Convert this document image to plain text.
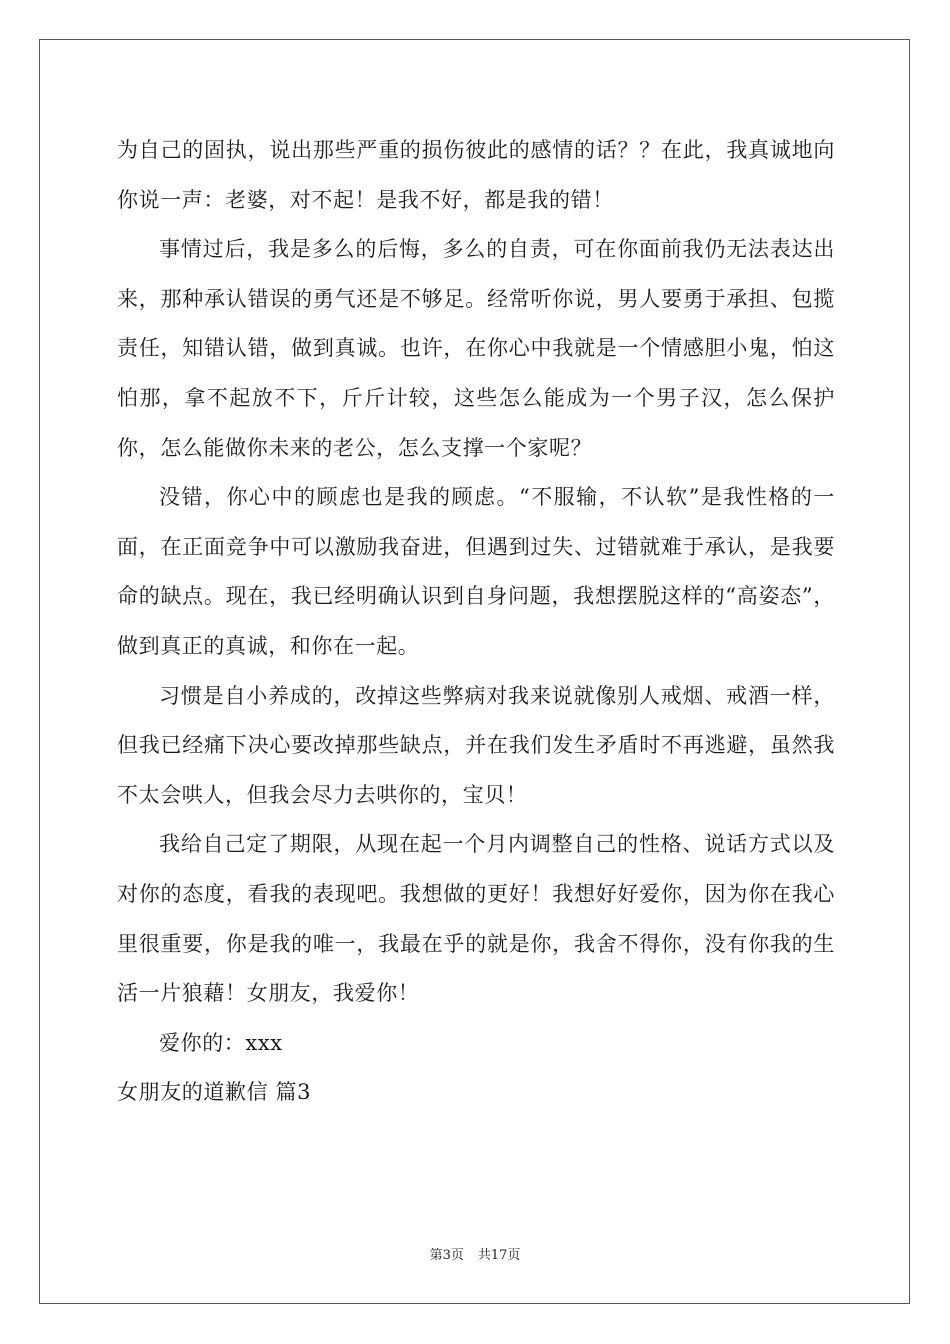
为自己的固执，说出那些严重的损伤彼此的感情的话？？在此，我真诚地向你说一声：老婆，对不起！是我不好，都是我的错！

事情过后，我是多么的后悔，多么的自责，可在你面前我仍无法表达出来，那种承认错误的勇气还是不够足。经常听你说，男人要勇于承担、包揽责任，知错认错，做到真诚。也许，在你心中我就是一个情感胆小鬼，怕这怕那，拿不起放不下，斤斤计较，这些怎么能成为一个男子汉，怎么保护你，怎么能做你未来的老公，怎么支撑一个家呢？

没错，你心中的顾虑也是我的顾虑。“不服输，不认软”是我性格的一面，在正面竞争中可以激励我奋进，但遇到过失、过错就难于承认，是我要命的缺点。现在，我已经明确认识到自身问题，我想摆脱这样的“高姿态”，做到真正的真诚，和你在一起。

习惯是自小养成的，改掉这些弊病对我来说就像别人戒烟、戒酒一样，但我已经痛下决心要改掉那些缺点，并在我们发生矛盾时不再逃避，虽然我不太会哄人，但我会尽力去哄你的，宝贝！

我给自己定了期限，从现在起一个月内调整自己的性格、说话方式以及对你的态度，看我的表现吧。我想做的更好！我想好好爱你，因为你在我心里很重要，你是我的唯一，我最在乎的就是你，我舍不得你，没有你我的生活一片狼藉！女朋友，我爱你！

爱你的：xxx

女朋友的道歉信 篇3
第3页 共17页
